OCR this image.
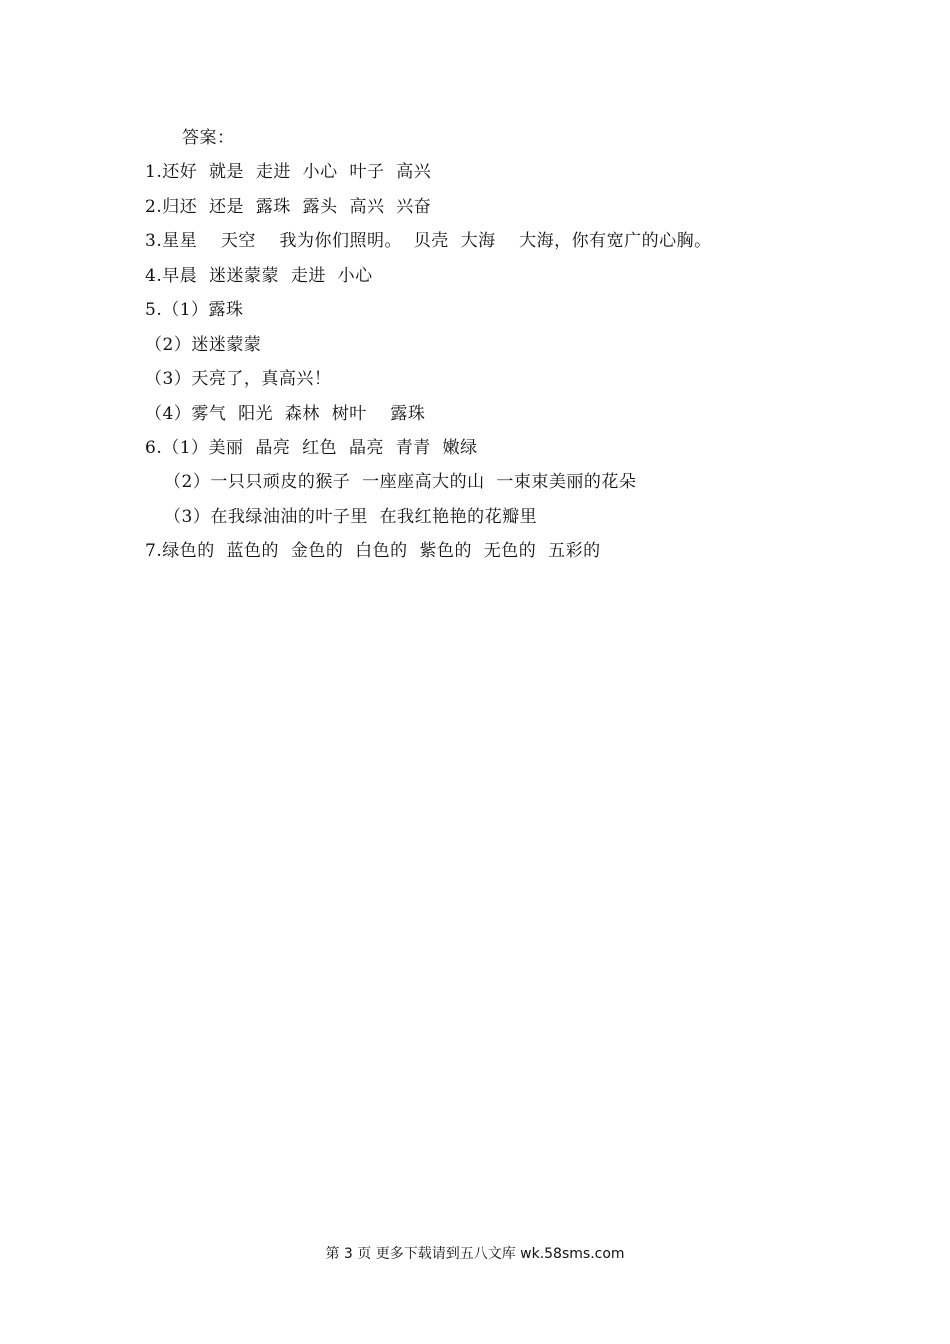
答案：
1.还好  就是  走进  小心  叶子  高兴
2.归还  还是  露珠  露头  高兴  兴奋
3.星星    天空    我为你们照明。  贝壳  大海    大海，你有宽广的心胸。
4.早晨  迷迷蒙蒙  走进  小心
5.（1）露珠
（2）迷迷蒙蒙
（3）天亮了，真高兴！
（4）雾气  阳光  森林  树叶    露珠
6.（1）美丽  晶亮  红色  晶亮  青青  嫩绿
（2）一只只顽皮的猴子  一座座高大的山  一束束美丽的花朵
（3）在我绿油油的叶子里  在我红艳艳的花瓣里
7.绿色的  蓝色的  金色的  白色的  紫色的  无色的  五彩的
第 3 页 更多下载请到五八文库 wk.58sms.com
